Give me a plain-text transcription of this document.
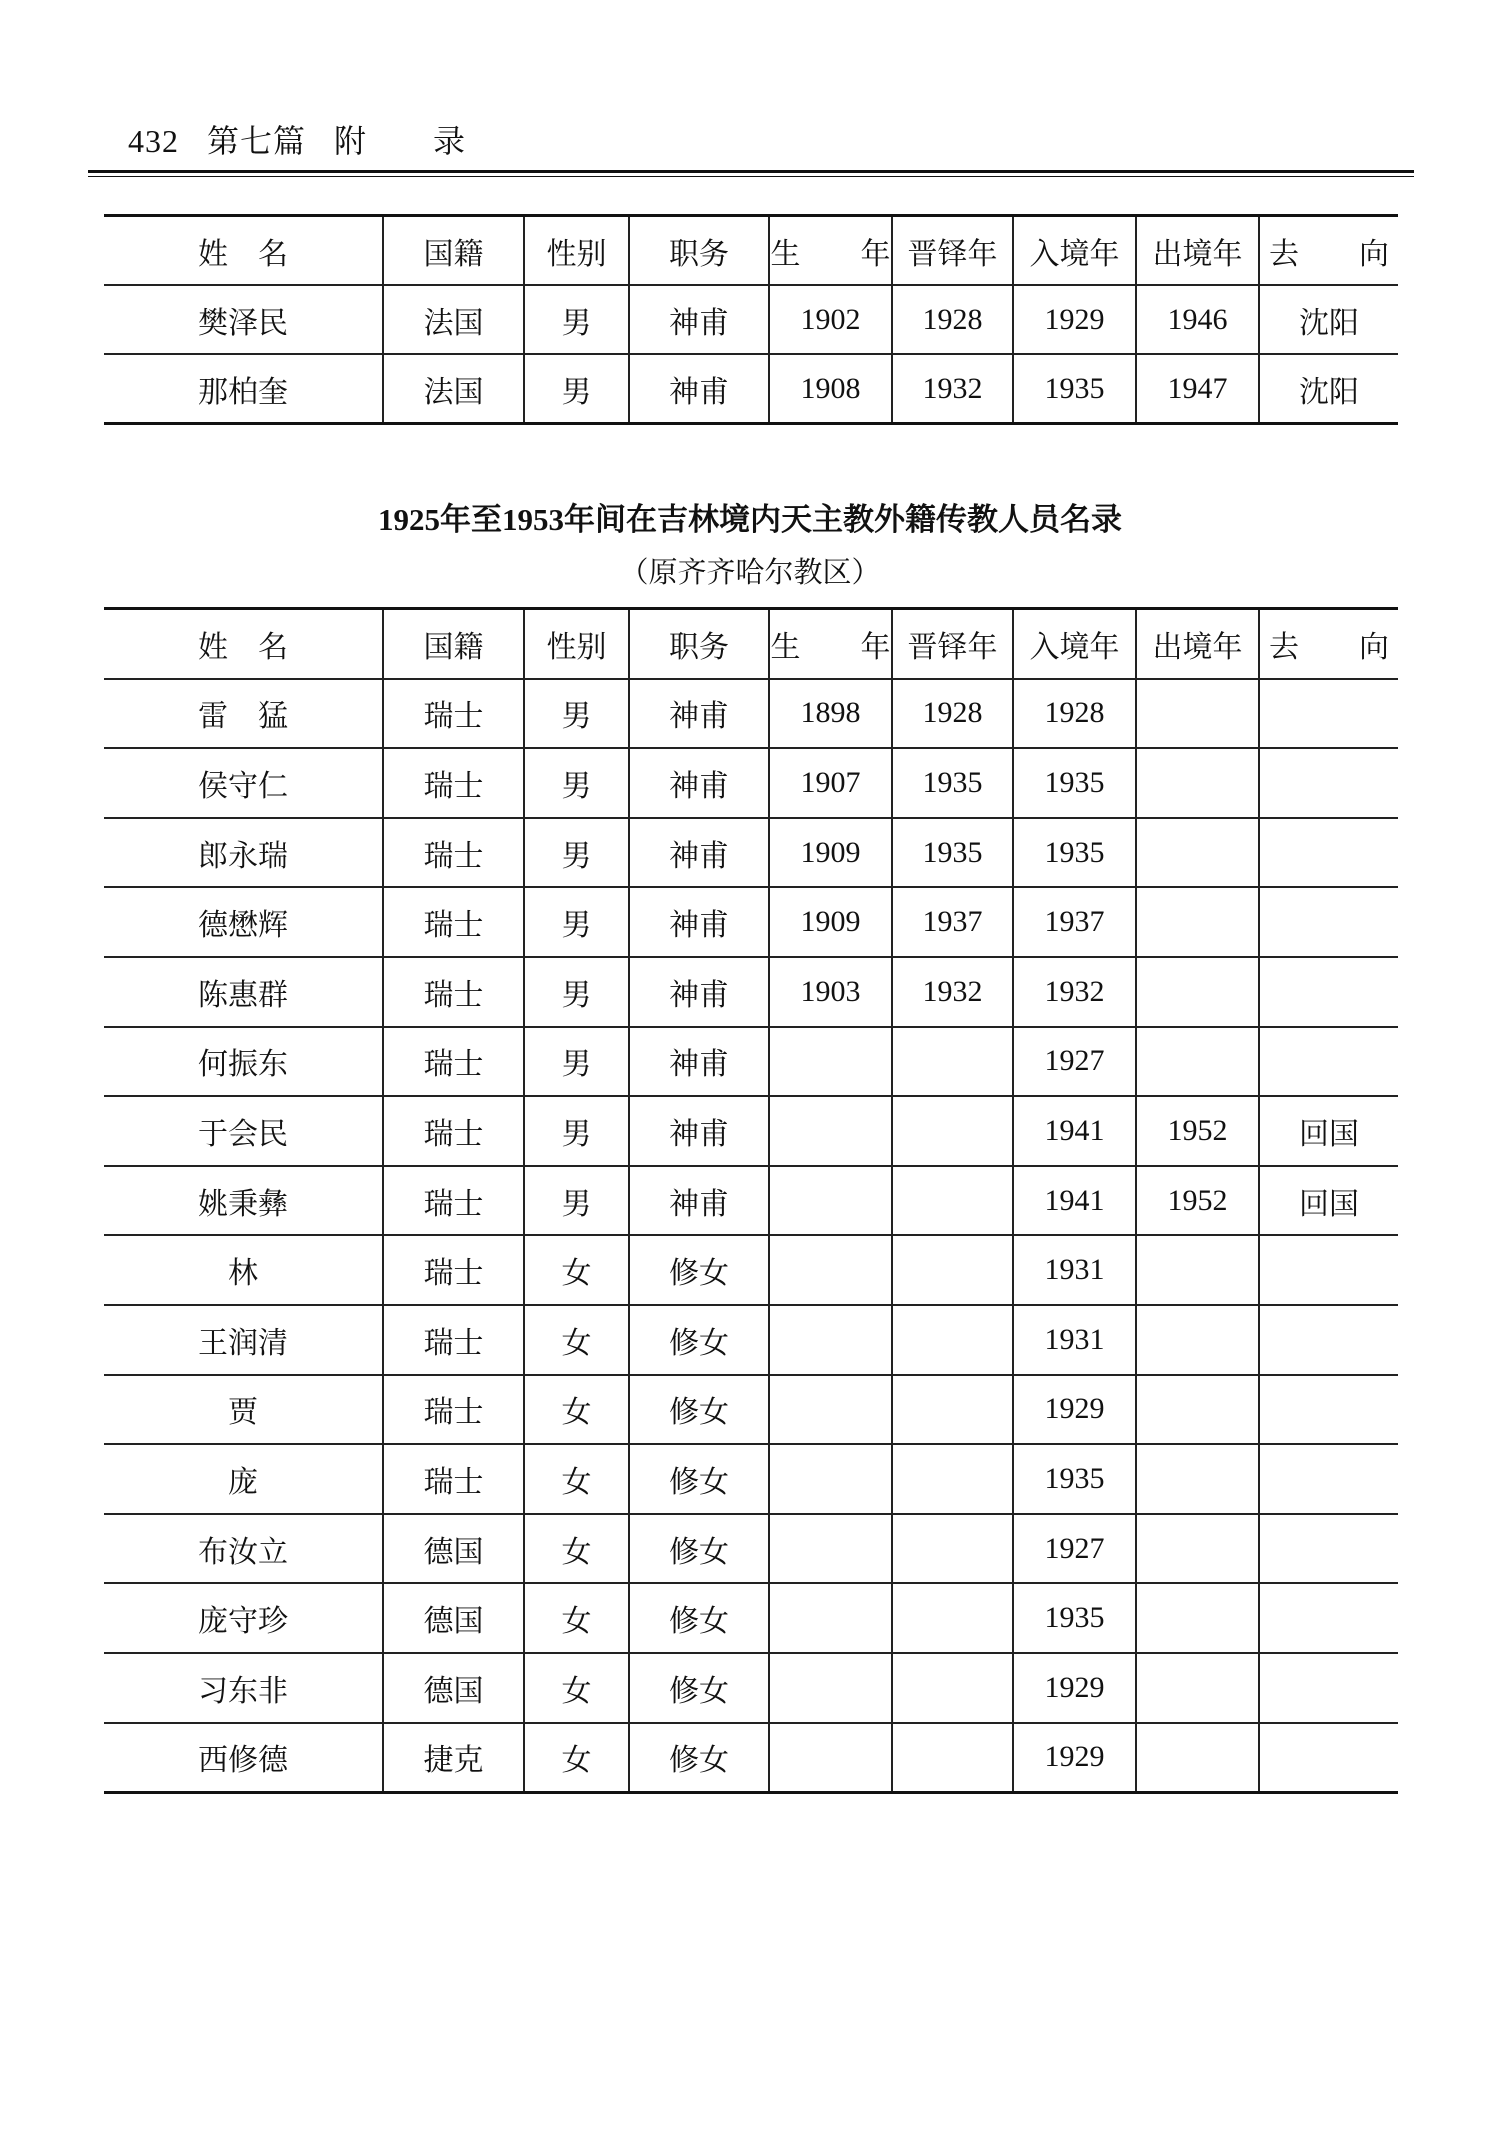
432 第七篇 附　　录
姓　名	国籍	性别	职务	生　　年	晋铎年	入境年	出境年	去　　向
樊泽民	法国	男	神甫	1902	1928	1929	1946	沈阳
那柏奎	法国	男	神甫	1908	1932	1935	1947	沈阳
1925年至1953年间在吉林境内天主教外籍传教人员名录
（原齐齐哈尔教区）
姓　名	国籍	性别	职务	生　　年	晋铎年	入境年	出境年	去　　向
雷　猛	瑞士	男	神甫	1898	1928	1928		
侯守仁	瑞士	男	神甫	1907	1935	1935		
郎永瑞	瑞士	男	神甫	1909	1935	1935		
德懋辉	瑞士	男	神甫	1909	1937	1937		
陈惠群	瑞士	男	神甫	1903	1932	1932		
何振东	瑞士	男	神甫			1927		
于会民	瑞士	男	神甫			1941	1952	回国
姚秉彝	瑞士	男	神甫			1941	1952	回国
林	瑞士	女	修女			1931		
王润清	瑞士	女	修女			1931		
贾	瑞士	女	修女			1929		
庞	瑞士	女	修女			1935		
布汝立	德国	女	修女			1927		
庞守珍	德国	女	修女			1935		
习东非	德国	女	修女			1929		
西修德	捷克	女	修女			1929		
